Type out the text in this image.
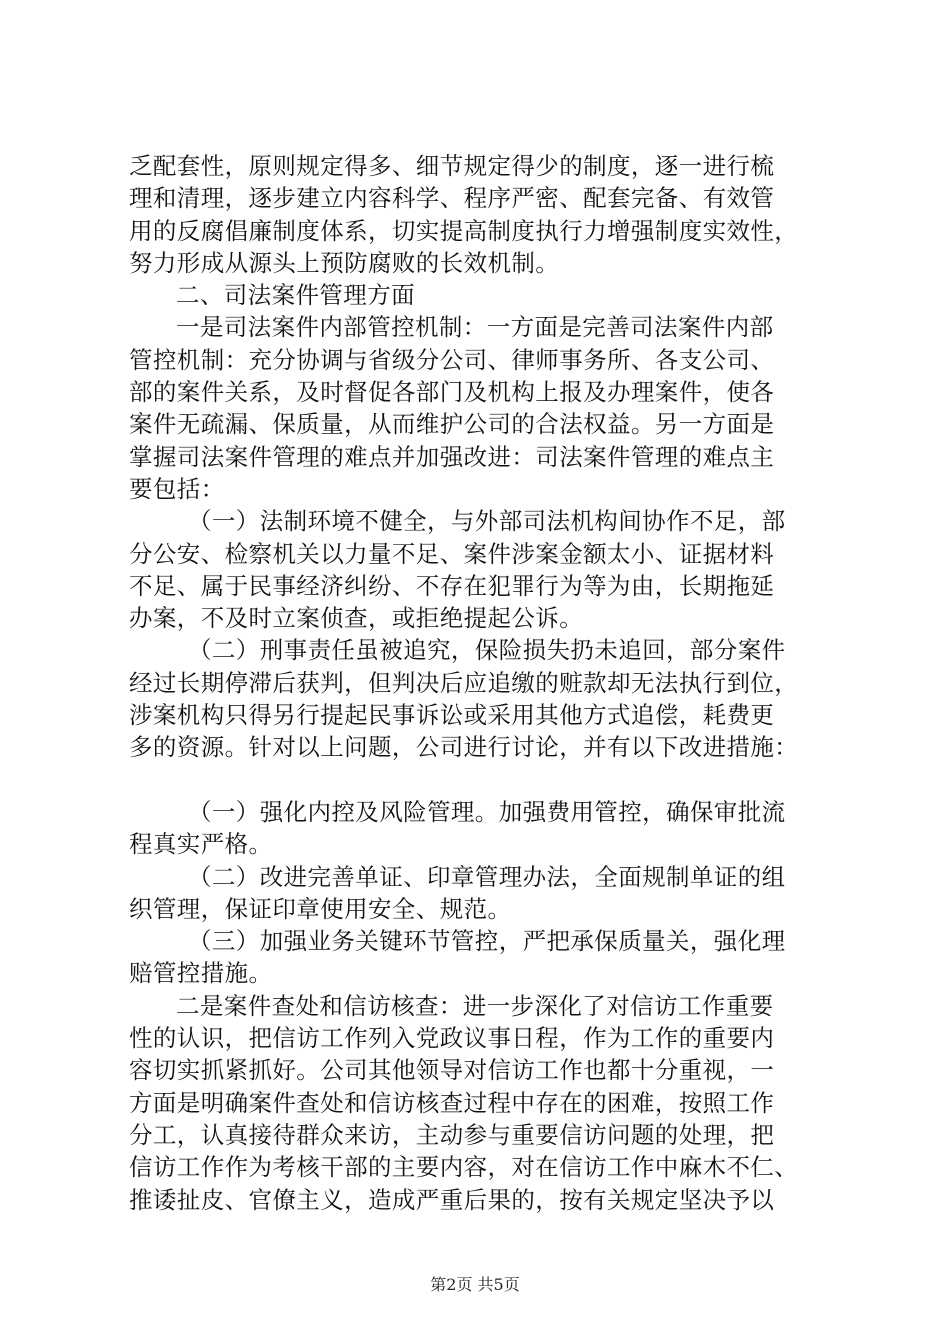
乏配套性，原则规定得多、细节规定得少的制度，逐一进行梳
理和清理，逐步建立内容科学、程序严密、配套完备、有效管
用的反腐倡廉制度体系，切实提高制度执行力增强制度实效性，
努力形成从源头上预防腐败的长效机制。
二、司法案件管理方面
一是司法案件内部管控机制：一方面是完善司法案件内部
管控机制：充分协调与省级分公司、律师事务所、各支公司、
部的案件关系，及时督促各部门及机构上报及办理案件，使各
案件无疏漏、保质量，从而维护公司的合法权益。另一方面是
掌握司法案件管理的难点并加强改进：司法案件管理的难点主
要包括：
（一）法制环境不健全，与外部司法机构间协作不足，部
分公安、检察机关以力量不足、案件涉案金额太小、证据材料
不足、属于民事经济纠纷、不存在犯罪行为等为由，长期拖延
办案，不及时立案侦查，或拒绝提起公诉。
（二）刑事责任虽被追究，保险损失扔未追回，部分案件
经过长期停滞后获判，但判决后应追缴的赃款却无法执行到位，
涉案机构只得另行提起民事诉讼或采用其他方式追偿，耗费更
多的资源。针对以上问题，公司进行讨论，并有以下改进措施：
（一）强化内控及风险管理。加强费用管控，确保审批流
程真实严格。
（二）改进完善单证、印章管理办法，全面规制单证的组
织管理，保证印章使用安全、规范。
（三）加强业务关键环节管控，严把承保质量关，强化理
赔管控措施。
二是案件查处和信访核查：进一步深化了对信访工作重要
性的认识，把信访工作列入党政议事日程，作为工作的重要内
容切实抓紧抓好。公司其他领导对信访工作也都十分重视，一
方面是明确案件查处和信访核查过程中存在的困难，按照工作
分工，认真接待群众来访，主动参与重要信访问题的处理，把
信访工作作为考核干部的主要内容，对在信访工作中麻木不仁、
推诿扯皮、官僚主义，造成严重后果的，按有关规定坚决予以
第2页 共5页
